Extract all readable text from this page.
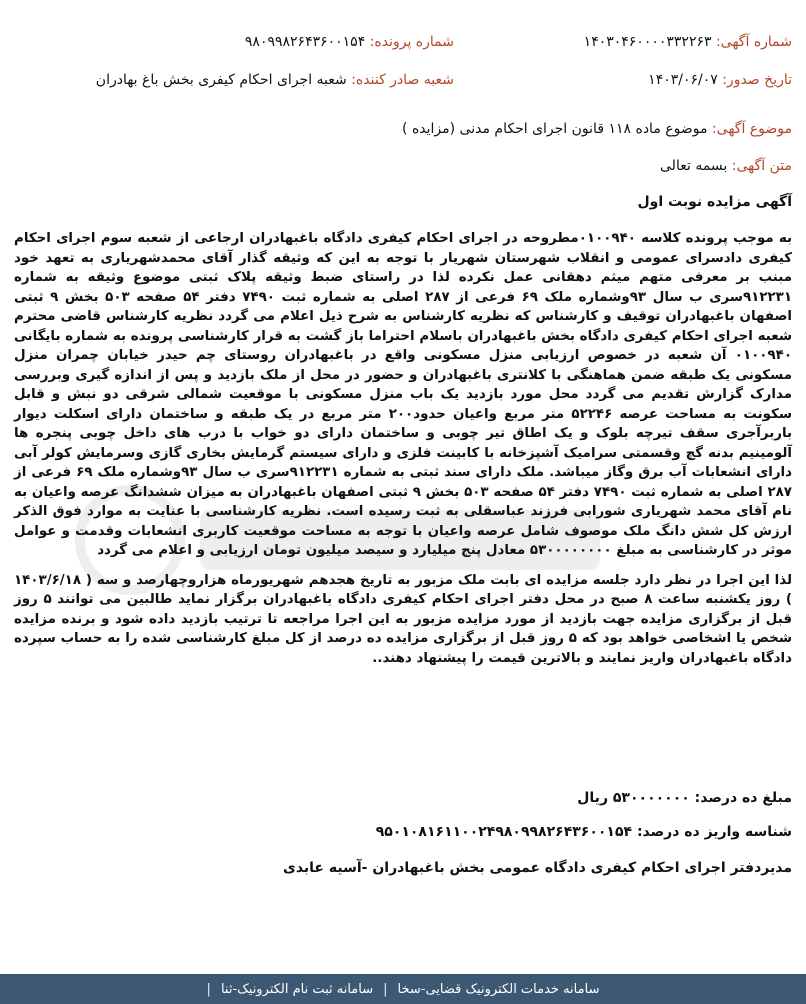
شماره آگهی: ۱۴۰۳۰۴۶۰۰۰۰۳۳۲۲۶۳
شماره پرونده: ۹۸۰۹۹۸۲۶۴۳۶۰۰۱۵۴
تاریخ صدور: ۱۴۰۳/۰۶/۰۷
شعبه صادر کننده: شعبه اجرای احکام کیفری بخش باغ بهادران
موضوع آگهی: موضوع ماده ۱۱۸ قانون اجرای احکام مدنی (مزایده )
متن آگهی: بسمه تعالی
آگهی مزایده نوبت اول

به موجب پرونده کلاسه ۰۱۰۰۹۴۰مطروحه در اجرای احکام کیفری دادگاه باغبهادران ارجاعی از شعبه سوم اجرای احکام کیفری دادسرای عمومی و انقلاب شهرستان شهریار با توجه به این که وثیقه گذار آقای محمدشهریاری به تعهد خود مبنب بر معرفی متهم میثم دهقانی عمل نکرده لذا در راستای ضبط وثیقه پلاک ثبتی موضوع وثیقه به شماره ۹۱۲۲۳۱سری ب سال ۹۳وشماره ملک ۶۹ فرعی از ۲۸۷ اصلی به شماره ثبت ۷۴۹۰ دفتر ۵۴ صفحه ۵۰۳ بخش ۹ ثبتی اصفهان باغبهادران توقیف و کارشناس که نظریه کارشناس به شرح ذیل اعلام می گردد نظریه کارشناس قاضی محترم شعبه اجرای احکام کیفری دادگاه بخش باغبهادران باسلام احتراما باز گشت به قرار کارشناسی پرونده به شماره بایگانی ۰۱۰۰۹۴۰ آن شعبه در خصوص ارزیابی منزل مسکونی واقع در باغبهادران روستای چم حیدر خیابان چمران منزل مسکونی یک طبقه ضمن هماهنگی با کلانتری باغبهادران و حضور در محل از ملک بازدید و پس از اندازه گیری وبررسی مدارک گزارش تقدیم می گردد محل مورد بازدید یک باب منزل مسکونی با موقعیت شمالی شرقی دو نبش و قابل سکونت به مساحت عرصه ۵۲۲۴۶ متر مربع واعیان حدود۲۰۰ متر مربع در یک طبقه و ساختمان دارای اسکلت دیوار باربرآجری سقف تیرچه بلوک و یک اطاق تیر چوبی و ساختمان دارای دو خواب با درب های داخل چوبی پنجره ها آلومینیم بدنه گچ وقسمتی سرامیک آشپزخانه با کابینت فلزی و دارای سیستم گرمایش بخاری گازی وسرمایش کولر آبی دارای انشعابات آب برق وگاز میباشد. ملک دارای سند ثبتی به شماره ۹۱۲۲۳۱سری ب سال ۹۳وشماره ملک ۶۹ فرعی از ۲۸۷ اصلی به شماره ثبت ۷۴۹۰ دفتر ۵۴ صفحه ۵۰۳ بخش ۹ ثبتی اصفهان باغبهادران به میزان ششدانگ عرصه واعیان به نام آقای محمد شهریاری شورابی فرزند عباسقلی به ثبت رسیده است. نظریه کارشناسی با عنایت به موارد فوق الذکر ارزش کل شش دانگ ملک موصوف شامل عرصه واعیان با توجه به مساحت موقعیت کاربری انشعابات وقدمت و عوامل موثر در کارشناسی به مبلغ ۵۳۰۰۰۰۰۰۰۰ معادل پنج میلیارد و سیصد میلیون تومان ارزیابی و اعلام می گردد

لذا این اجرا در نظر دارد جلسه مزایده ای بابت ملک مزبور به تاریخ هجدهم شهریورماه هزاروچهارصد و سه ( ۱۴۰۳/۶/۱۸ ) روز یکشنبه ساعت ۸ صبح در محل دفتر اجرای احکام کیفری دادگاه باغبهادران برگزار نماید طالبین می توانند ۵ روز قبل از برگزاری مزایده جهت بازدید از مورد مزایده مزبور به این اجرا مراجعه تا ترتیب بازدید داده شود و برنده مزایده شخص یا اشخاصی خواهد بود که ۵ روز قبل از برگزاری مزایده ده درصد از کل مبلغ کارشناسی شده را به حساب سپرده دادگاه باغبهادران واریز نمایند و بالاترین قیمت را پیشنهاد دهند..

مبلغ ده درصد: ۵۳۰۰۰۰۰۰۰ ریال
شناسه واریز ده درصد: ۹۵۰۱۰۸۱۶۱۱۰۰۲۴۹۸۰۹۹۸۲۶۴۳۶۰۰۱۵۴
مدیردفتر اجرای احکام کیفری دادگاه عمومی بخش باغبهادران -آسیه عابدی
سامانه خدمات الکترونیک قضایی-سخا
|
سامانه ثبت نام الکترونیک-ثنا
|
